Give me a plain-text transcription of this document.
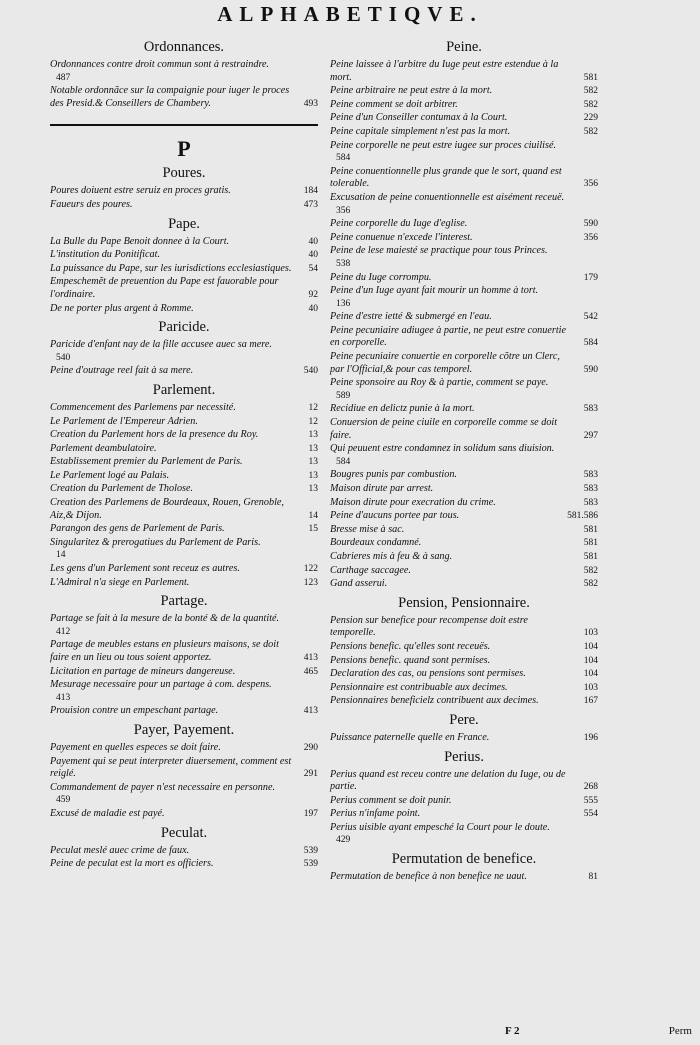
ALPHABETIQVE.
Ordonnances.
Ordonnances contre droit commun sont à restraindre.
487
Notable ordonnãce sur la compaignie pour iuger le proces des Presid.& Conseillers de Chambery.	493
P
Poures.
Poures doiuent estre seruiz en proces gratis.	184
Faueurs des poures.	473
Pape.
La Bulle du Pape Benoit donnee à la Court.	40
L'institution du Ponitificat.	40
La puissance du Pape, sur les iurisdictions ecclesiastiques. 54
Empeschemẽt de preuention du Pape est fauorable pour l'ordinaire.	92
De ne porter plus argent à Romme.	40
Paricide.
Paricide d'enfant nay de la fille accusee auec sa mere.
540
Peine d'outrage reel fait à sa mere.	540
Parlement.
Commencement des Parlemens par necessité.	12
Le Parlement de l'Empereur Adrien.	12
Creation du Parlement hors de la presence du Roy.	13
Parlement deambulatoire.	13
Establissement premier du Parlement de Paris.	13
Le Parlement logé au Palais.	13
Creation du Parlement de Tholose.	13
Creation des Parlemens de Bourdeaux, Rouen, Grenoble, Aiz,& Dijon.	14
Parangon des gens de Parlement de Paris.	15
Singularitez & prerogatiues du Parlement de Paris.
14
Les gens d'un Parlement sont receuz es autres.	122
L'Admiral n'a siege en Parlement.	123
Partage.
Partage se fait à la mesure de la bonté & de la quantité.
412
Partage de meubles estans en plusieurs maisons, se doit faire en un lieu ou tous soient apportez.	413
Licitation en partage de mineurs dangereuse.	465
Mesurage necessaire pour un partage à com. despens.
413
Prouision contre un empeschant partage.	413
Payer, Payement.
Payement en quelles especes se doit faire.	290
Payement qui se peut interpreter diuersement, comment est reiglé.	291
Commandement de payer n'est necessaire en personne.
459
Excusé de maladie est payé.	197
Peculat.
Peculat meslé auec crime de faux.	539
Peine de peculat est la mort es officiers.	539
Peine.
Peine laissee à l'arbitre du Iuge peut estre estendue à la mort.	581
Peine arbitraire ne peut estre à la mort.	582
Peine comment se doit arbitrer.	582
Peine d'un Conseiller contumax à la Court.	229
Peine capitale simplement n'est pas la mort.	582
Peine corporelle ne peut estre iugee sur proces ciuilisé.
584
Peine conuentionnelle plus grande que le sort, quand est tolerable.	356
Excusation de peine conuentionnelle est aisément receuë.
356
Peine corporelle du Iuge d'eglise.	590
Peine conuenue n'excede l'interest.	356
Peine de lese maiesté se practique pour tous Princes.
538
Peine du Iuge corrompu.	179
Peine d'un Iuge ayant fait mourir un homme à tort.
136
Peine d'estre ietté & submergé en l'eau.	542
Peine pecuniaire adiugee à partie, ne peut estre conuertie en corporelle.	584
Peine pecuniaire conuertie en corporelle cõtre un Clerc, par l'Official,& pour cas temporel.	590
Peine sponsoire au Roy & à partie, comment se paye.
589
Recidiue en delictz punie à la mort.	583
Conuersion de peine ciuile en corporelle comme se doit faire.	297
Qui peuuent estre condamnez in solidum sans diuision.
584
Bougres punis par combustion.	583
Maison dirute par arrest.	583
Maison dirute pour execration du crime.	583
Peine d'aucuns portee par tous.	581.586
Bresse mise à sac.	581
Bourdeaux condamné.	581
Cabrieres mis à feu & à sang.	581
Carthage saccagee.	582
Gand asserui.	582
Pension, Pensionnaire.
Pension sur benefice pour recompense doit estre temporelle.	103
Pensions benefic. qu'elles sont receuës.	104
Pensions benefic. quand sont permises.	104
Declaration des cas, ou pensions sont permises.	104
Pensionnaire est contribuable aux decimes.	103
Pensionnaires beneficielz contribuent aux decimes.	167
Pere.
Puissance paternelle quelle en France.	196
Perius.
Perius quand est receu contre une delation du Iuge, ou de partie.	268
Perius comment se doit punir.	555
Perius n'infame point.	554
Perius uisible ayant empesché la Court pour le doute.
429
Permutation de benefice.
Permutation de benefice à non benefice ne uaut.	81
F 2	Perm
